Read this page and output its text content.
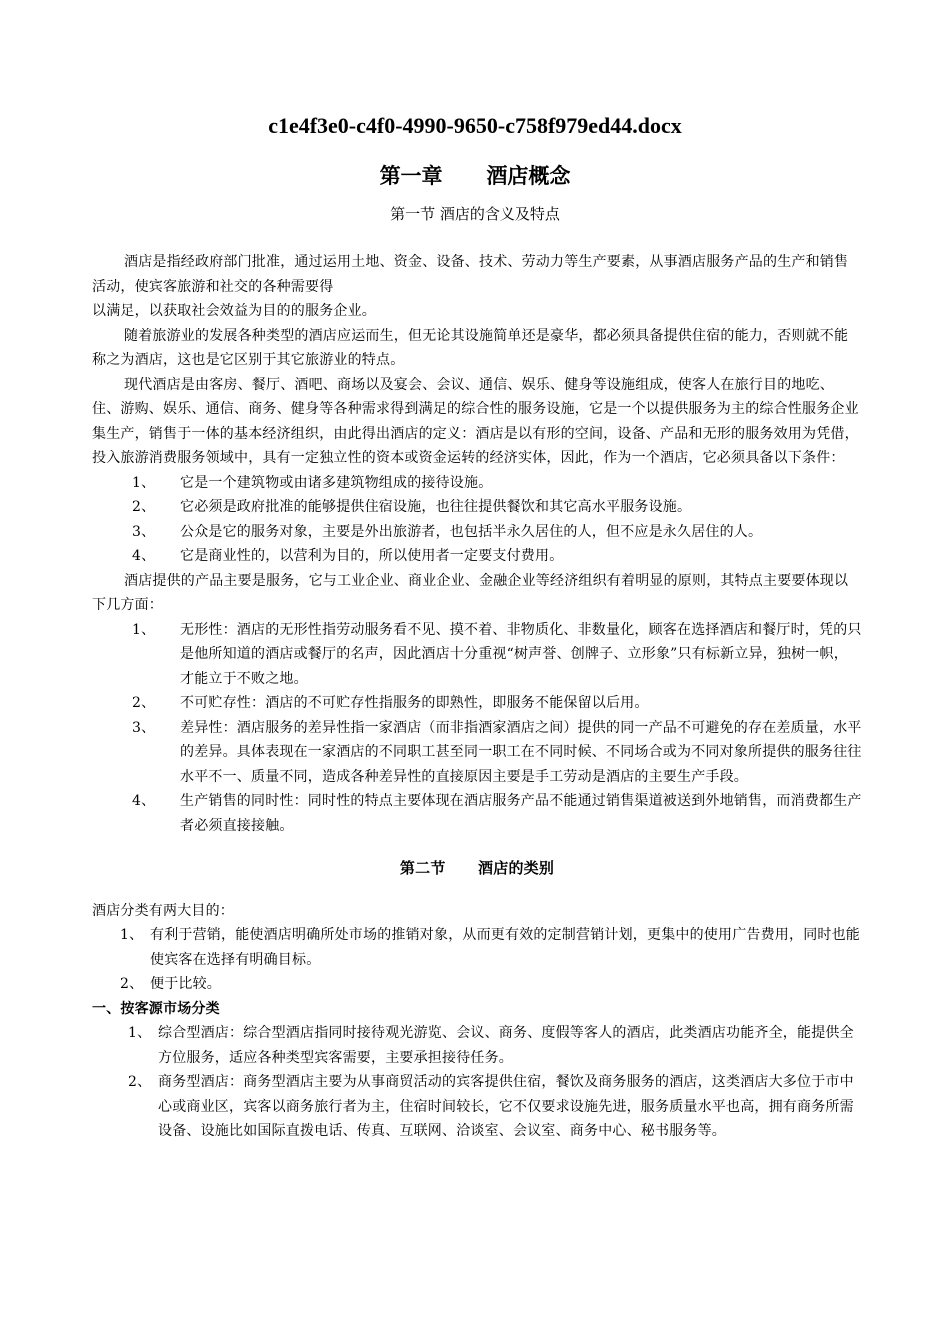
c1e4f3e0-c4f0-4990-9650-c758f979ed44.docx
第一章      酒店概念
第一节 酒店的含义及特点

酒店是指经政府部门批准，通过运用土地、资金、设备、技术、劳动力等生产要素，从事酒店服务产品的生产和销售活动，使宾客旅游和社交的各种需要得

以满足，以获取社会效益为目的的服务企业。

随着旅游业的发展各种类型的酒店应运而生，但无论其设施简单还是豪华，都必须具备提供住宿的能力，否则就不能称之为酒店，这也是它区别于其它旅游业的特点。

现代酒店是由客房、餐厅、酒吧、商场以及宴会、会议、通信、娱乐、健身等设施组成，使客人在旅行目的地吃、住、游购、娱乐、通信、商务、健身等各种需求得到满足的综合性的服务设施，它是一个以提供服务为主的综合性服务企业集生产，销售于一体的基本经济组织，由此得出酒店的定义：酒店是以有形的空间，设备、产品和无形的服务效用为凭借，投入旅游消费服务领域中，具有一定独立性的资本或资金运转的经济实体，因此，作为一个酒店，它必须具备以下条件：

1、	它是一个建筑物或由诸多建筑物组成的接待设施。
2、	它必须是政府批准的能够提供住宿设施，也往往提供餐饮和其它高水平服务设施。
3、	公众是它的服务对象，主要是外出旅游者，也包括半永久居住的人，但不应是永久居住的人。
4、	它是商业性的，以营利为目的，所以使用者一定要支付费用。

酒店提供的产品主要是服务，它与工业企业、商业企业、金融企业等经济组织有着明显的原则，其特点主要要体现以下几方面：

1、	无形性：酒店的无形性指劳动服务看不见、摸不着、非物质化、非数量化，顾客在选择酒店和餐厅时，凭的只是他所知道的酒店或餐厅的名声，因此酒店十分重视“树声誉、创牌子、立形象”只有标新立异，独树一帜，才能立于不败之地。
2、	不可贮存性：酒店的不可贮存性指服务的即熟性，即服务不能保留以后用。
3、	差异性：酒店服务的差异性指一家酒店（而非指酒家酒店之间）提供的同一产品不可避免的存在差质量，水平的差异。具体表现在一家酒店的不同职工甚至同一职工在不同时候、不同场合或为不同对象所提供的服务往往水平不一、质量不同，造成各种差异性的直接原因主要是手工劳动是酒店的主要生产手段。
4、	生产销售的同时性：同时性的特点主要体现在酒店服务产品不能通过销售渠道被送到外地销售，而消费都生产者必须直接接触。
第二节      酒店的类别

酒店分类有两大目的：

1、 有利于营销，能使酒店明确所处市场的推销对象，从而更有效的定制营销计划，更集中的使用广告费用，同时也能使宾客在选择有明确目标。
2、 便于比较。

一、按客源市场分类

1、 综合型酒店：综合型酒店指同时接待观光游览、会议、商务、度假等客人的酒店，此类酒店功能齐全，能提供全方位服务，适应各种类型宾客需要，主要承担接待任务。
2、 商务型酒店：商务型酒店主要为从事商贸活动的宾客提供住宿，餐饮及商务服务的酒店，这类酒店大多位于市中心或商业区，宾客以商务旅行者为主，住宿时间较长，它不仅要求设施先进，服务质量水平也高，拥有商务所需设备、设施比如国际直拨电话、传真、互联网、洽谈室、会议室、商务中心、秘书服务等。
